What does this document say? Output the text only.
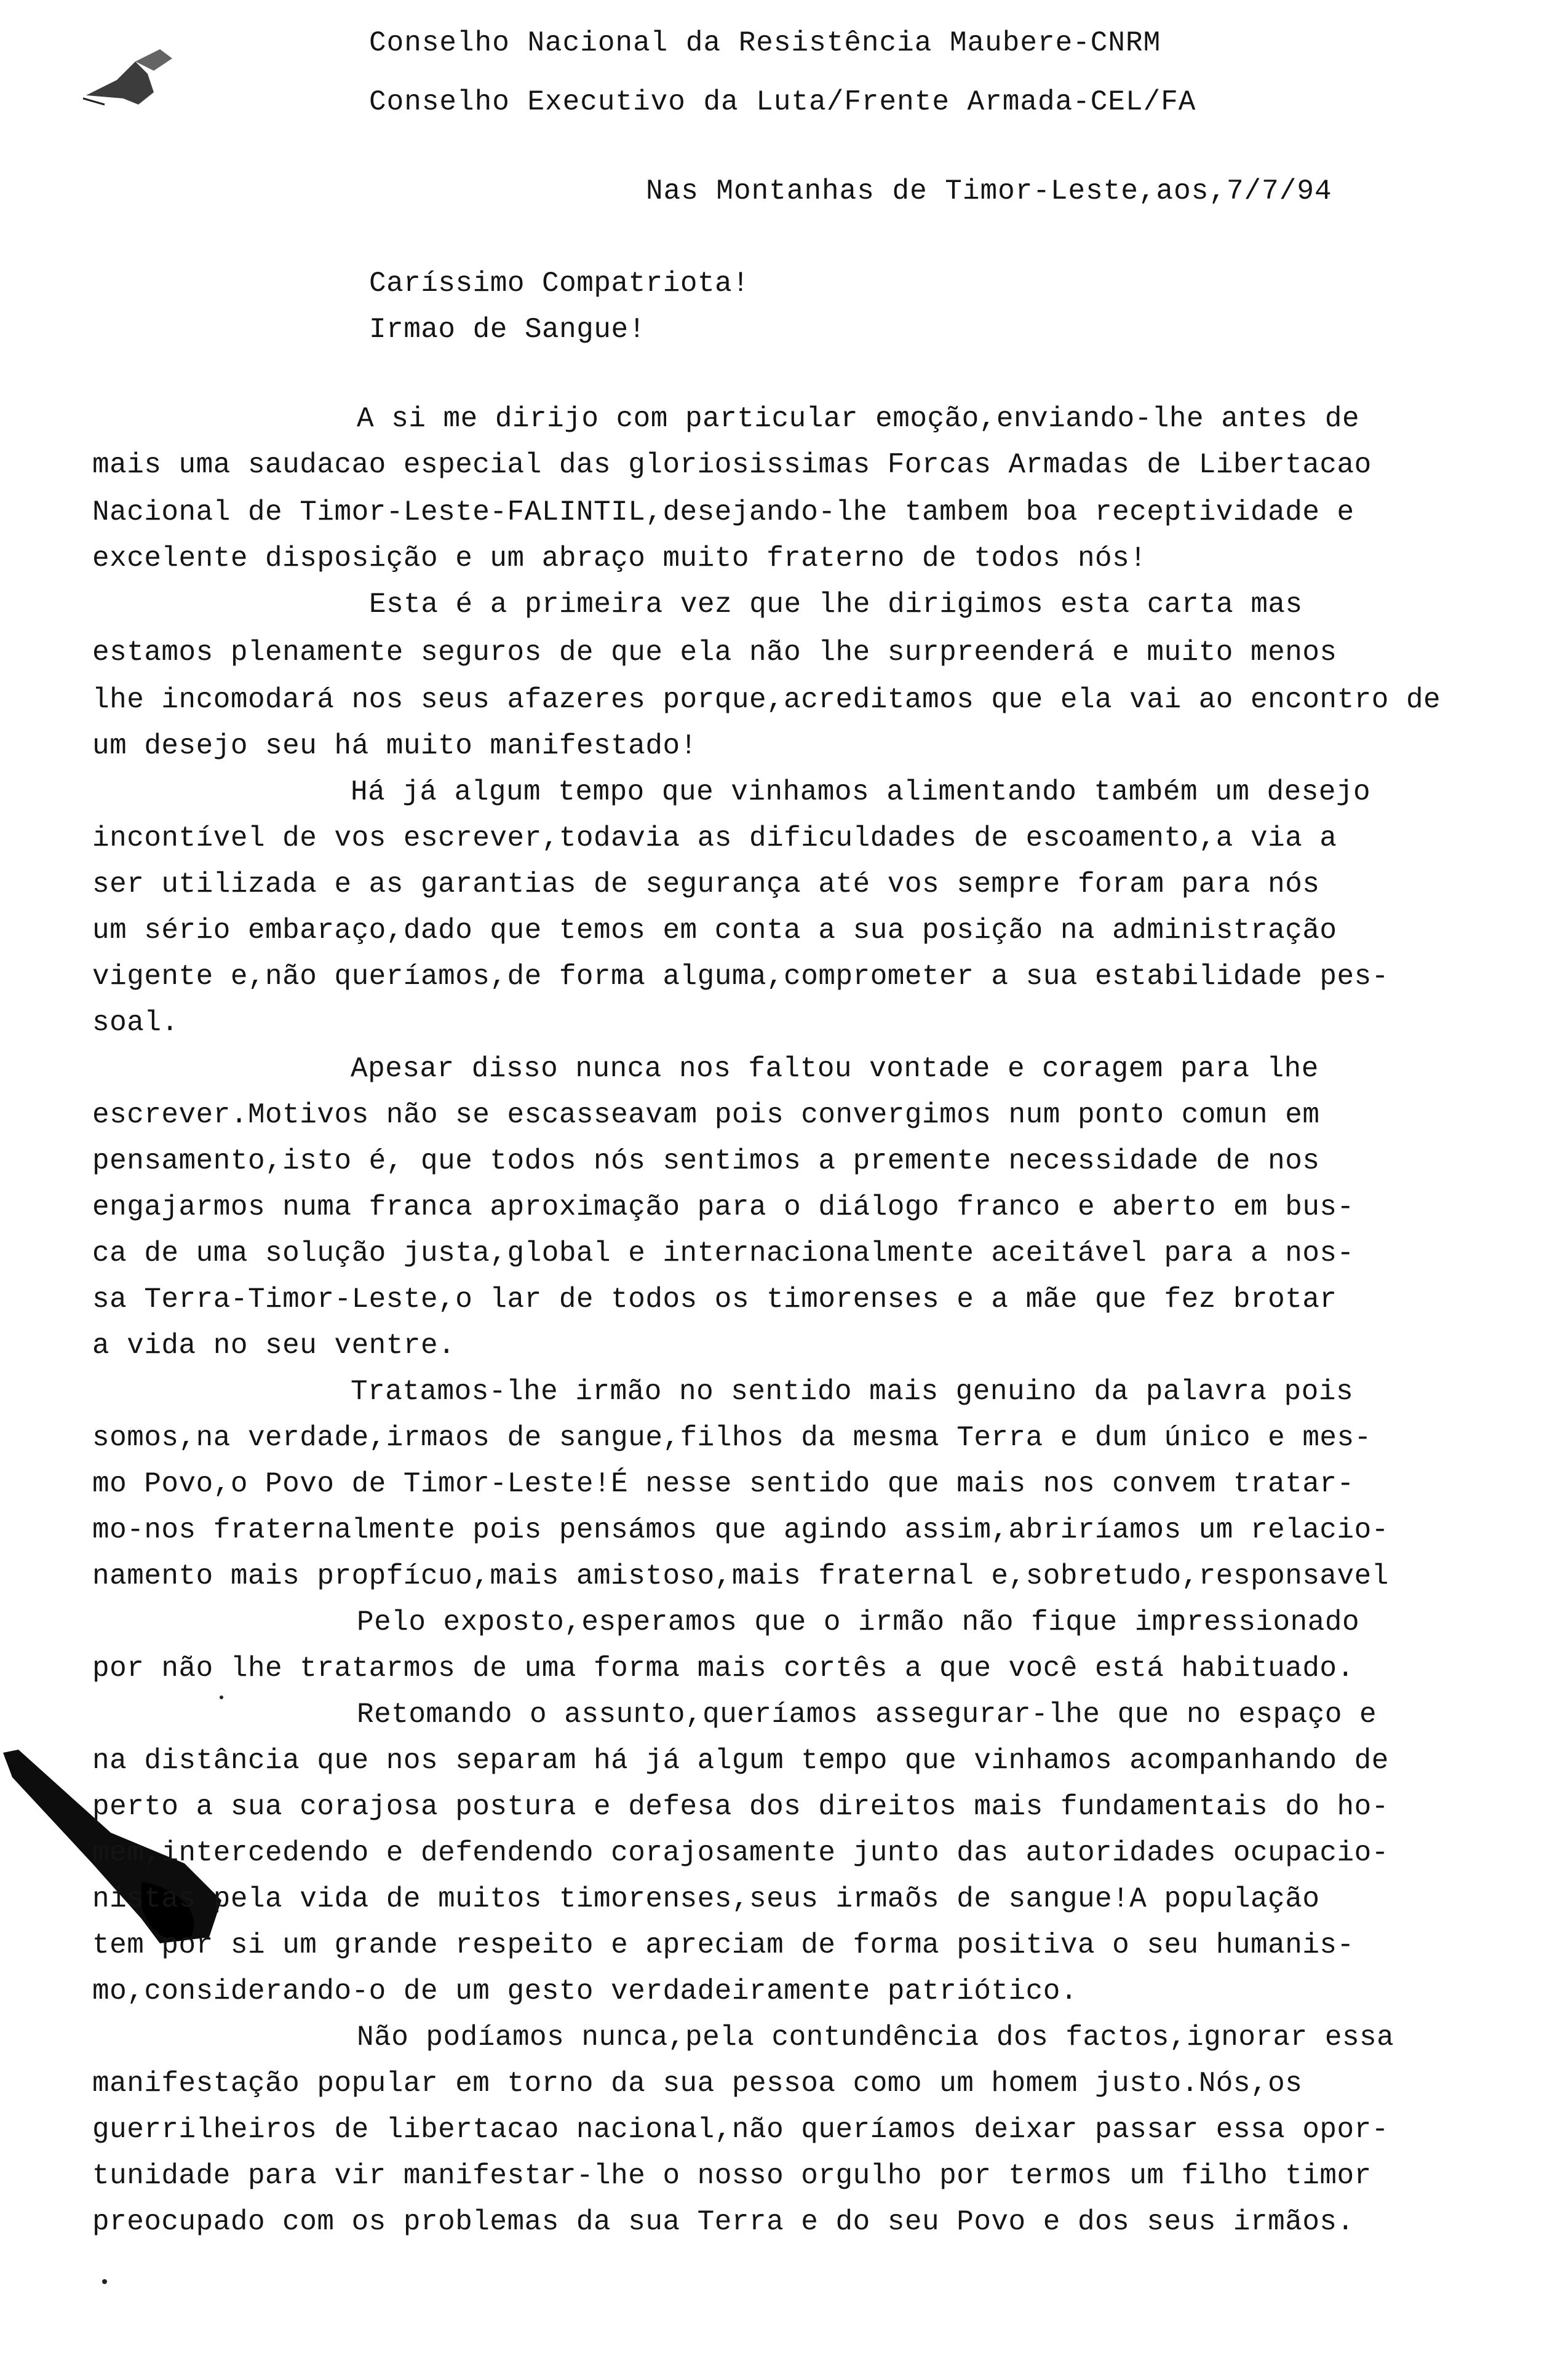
Conselho Nacional da Resistência Maubere-CNRM
Conselho Executivo da Luta/Frente Armada-CEL/FA
Nas Montanhas de Timor-Leste,aos,7/7/94
Caríssimo Compatriota!
Irmao de Sangue!
A si me dirijo com particular emoção,enviando-lhe antes de
mais uma saudacao especial das gloriosissimas Forcas Armadas de Libertacao
Nacional de Timor-Leste-FALINTIL,desejando-lhe tambem boa receptividade e
excelente disposição e um abraço muito fraterno de todos nós!
Esta é a primeira vez que lhe dirigimos esta carta mas
estamos plenamente seguros de que ela não lhe surpreenderá e muito menos
lhe incomodará nos seus afazeres porque,acreditamos que ela vai ao encontro de
um desejo seu há muito manifestado!
Há já algum tempo que vinhamos alimentando também um desejo
incontível de vos escrever,todavia as dificuldades de escoamento,a via a
ser utilizada e as garantias de segurança até vos sempre foram para nós
um sério embaraço,dado que temos em conta a sua posição na administração
vigente e,não queríamos,de forma alguma,comprometer a sua estabilidade pes-
soal.
Apesar disso nunca nos faltou vontade e coragem para lhe
escrever.Motivos não se escasseavam pois convergimos num ponto comun em
pensamento,isto é, que todos nós sentimos a premente necessidade de nos
engajarmos numa franca aproximação para o diálogo franco e aberto em bus-
ca de uma solução justa,global e internacionalmente aceitável para a nos-
sa Terra-Timor-Leste,o lar de todos os timorenses e a mãe que fez brotar
a vida no seu ventre.
Tratamos-lhe irmão no sentido mais genuino da palavra pois
somos,na verdade,irmaos de sangue,filhos da mesma Terra e dum único e mes-
mo Povo,o Povo de Timor-Leste!É nesse sentido que mais nos convem tratar-
mo-nos fraternalmente pois pensámos que agindo assim,abriríamos um relacio-
namento mais propfícuo,mais amistoso,mais fraternal e,sobretudo,responsavel
Pelo exposto,esperamos que o irmão não fique impressionado
por não lhe tratarmos de uma forma mais cortês a que você está habituado.
Retomando o assunto,queríamos assegurar-lhe que no espaço e
na distância que nos separam há já algum tempo que vinhamos acompanhando de
perto a sua corajosa postura e defesa dos direitos mais fundamentais do ho-
mem,intercedendo e defendendo corajosamente junto das autoridades ocupacio-
nistas pela vida de muitos timorenses,seus irmaõs de sangue!A população
tem por si um grande respeito e apreciam de forma positiva o seu humanis-
mo,considerando-o de um gesto verdadeiramente patriótico.
Não podíamos nunca,pela contundência dos factos,ignorar essa
manifestação popular em torno da sua pessoa como um homem justo.Nós,os
guerrilheiros de libertacao nacional,não queríamos deixar passar essa opor-
tunidade para vir manifestar-lhe o nosso orgulho por termos um filho timor
preocupado com os problemas da sua Terra e do seu Povo e dos seus irmãos.
